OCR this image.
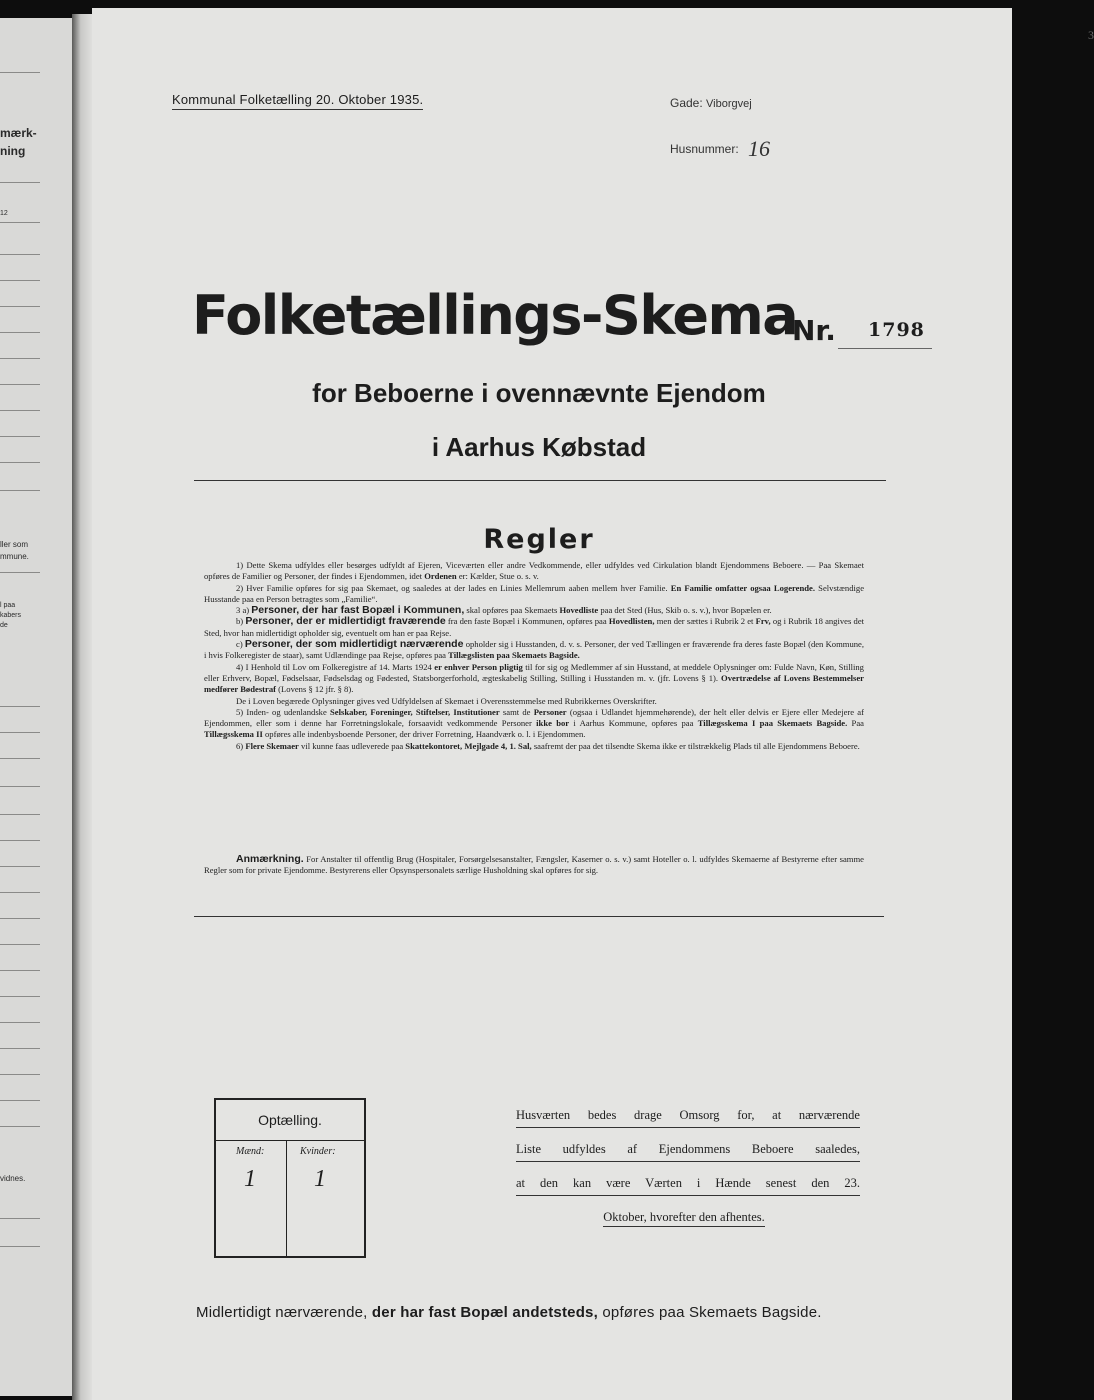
mærk-
ning
12
ller som
mmune.
l paa
kabers
de
vidnes.
3
Kommunal Folketælling 20. Oktober 1935.	Gade: Viborgvej
Husnummer: 16
Folketællings-Skema
Nr. 1798
for Beboerne i ovennævnte Ejendom
i Aarhus Købstad
Regler

1) Dette Skema udfyldes eller besørges udfyldt af Ejeren, Viceværten eller andre Vedkommende, eller udfyldes ved Cirkulation blandt Ejendommens Beboere. — Paa Skemaet opføres de Familier og Personer, der findes i Ejendommen, idet Ordenen er: Kælder, Stue o. s. v.

2) Hver Familie opføres for sig paa Skemaet, og saaledes at der lades en Linies Mellemrum aaben mellem hver Familie. En Familie omfatter ogsaa Logerende. Selvstændige Husstande paa en Person betragtes som „Familie“.

3 a) Personer, der har fast Bopæl i Kommunen, skal opføres paa Skemaets Hovedliste paa det Sted (Hus, Skib o. s. v.), hvor Bopælen er.

b) Personer, der er midlertidigt fraværende fra den faste Bopæl i Kommunen, opføres paa Hovedlisten, men der sættes i Rubrik 2 et Frv, og i Rubrik 18 angives det Sted, hvor han midlertidigt opholder sig, eventuelt om han er paa Rejse.

c) Personer, der som midlertidigt nærværende opholder sig i Husstanden, d. v. s. Personer, der ved Tællingen er fraværende fra deres faste Bopæl (den Kommune, i hvis Folkeregister de staar), samt Udlændinge paa Rejse, opføres paa Tillægslisten paa Skemaets Bagside.

4) I Henhold til Lov om Folkeregistre af 14. Marts 1924 er enhver Person pligtig til for sig og Medlemmer af sin Husstand, at meddele Oplysninger om: Fulde Navn, Køn, Stilling eller Erhverv, Bopæl, Fødselsaar, Fødselsdag og Fødested, Statsborgerforhold, ægteskabelig Stilling, Stilling i Husstanden m. v. (jfr. Lovens § 1). Overtrædelse af Lovens Bestemmelser medfører Bødestraf (Lovens § 12 jfr. § 8).

De i Loven begærede Oplysninger gives ved Udfyldelsen af Skemaet i Overensstemmelse med Rubrikkernes Overskrifter.

5) Inden- og udenlandske Selskaber, Foreninger, Stiftelser, Institutioner samt de Personer (ogsaa i Udlandet hjemmehørende), der helt eller delvis er Ejere eller Medejere af Ejendommen, eller som i denne har Forretningslokale, forsaavidt vedkommende Personer ikke bor i Aarhus Kommune, opføres paa Tillægsskema I paa Skemaets Bagside. Paa Tillægsskema II opføres alle indenbysboende Personer, der driver Forretning, Haandværk o. l. i Ejendommen.

6) Flere Skemaer vil kunne faas udleverede paa Skattekontoret, Mejlgade 4, 1. Sal, saafremt der paa det tilsendte Skema ikke er tilstrækkelig Plads til alle Ejendommens Beboere.

Anmærkning. For Anstalter til offentlig Brug (Hospitaler, Forsørgelsesanstalter, Fængsler, Kaserner o. s. v.) samt Hoteller o. l. udfyldes Skemaerne af Bestyrerne efter samme Regler som for private Ejendomme. Bestyrerens eller Opsynspersonalets særlige Husholdning skal opføres for sig.
Optælling.
Mænd:	Kvinder:
1 1
Husværten bedes drage Omsorg for, at nærværende
Liste udfyldes af Ejendommens Beboere saaledes,
at den kan være Værten i Hænde senest den 23.
Oktober, hvorefter den afhentes.
Midlertidigt nærværende, der har fast Bopæl andetsteds, opføres paa Skemaets Bagside.
